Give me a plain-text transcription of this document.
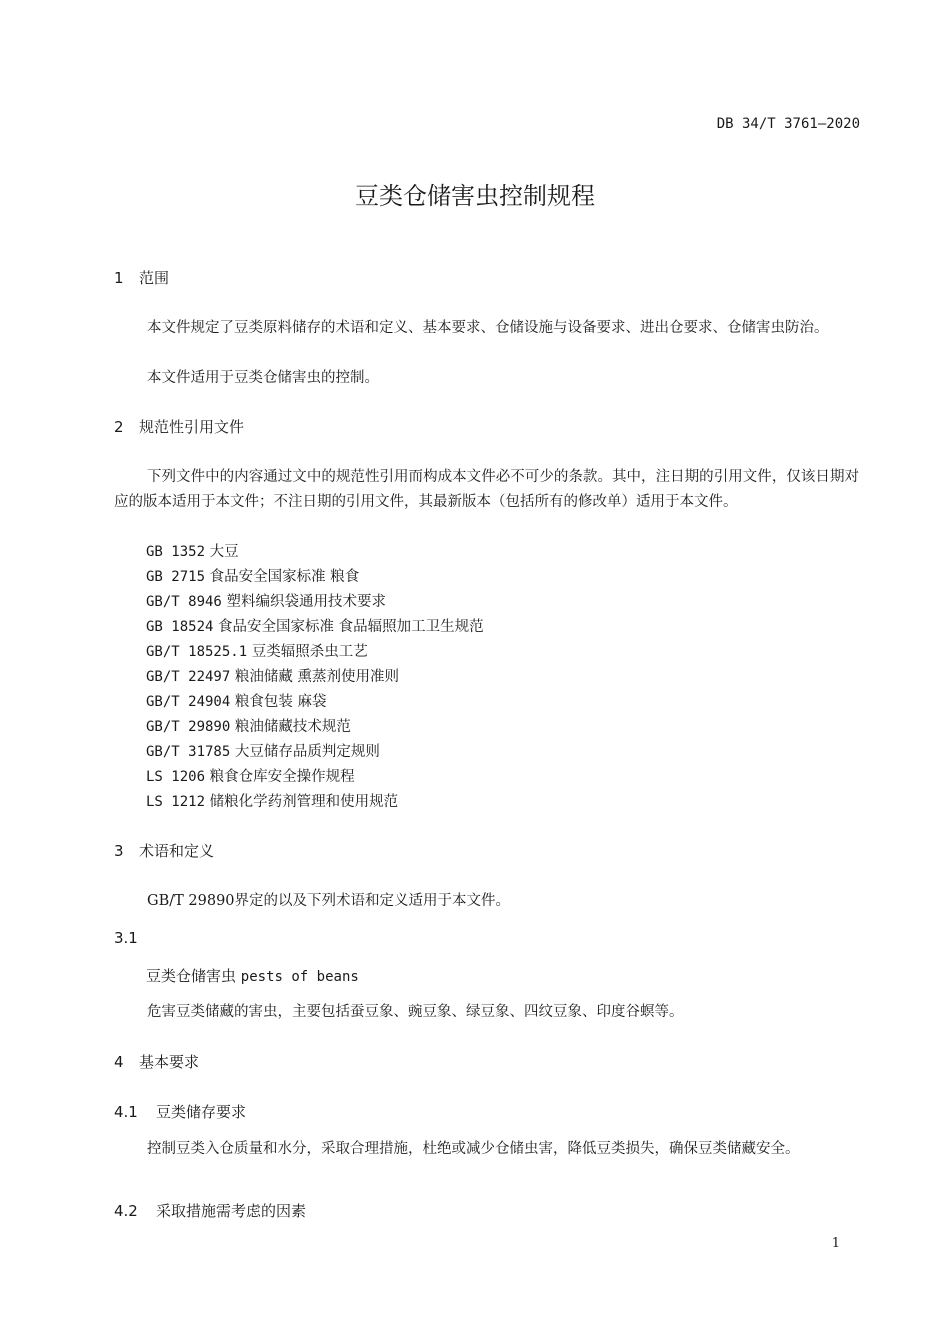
DB 34/T 3761—2020
豆类仓储害虫控制规程
1 范围
本文件规定了豆类原料储存的术语和定义、基本要求、仓储设施与设备要求、进出仓要求、仓储害虫防治。
本文件适用于豆类仓储害虫的控制。
2 规范性引用文件
下列文件中的内容通过文中的规范性引用而构成本文件必不可少的条款。其中，注日期的引用文件，仅该日期对应的版本适用于本文件；不注日期的引用文件，其最新版本（包括所有的修改单）适用于本文件。
GB 1352 大豆
GB 2715 食品安全国家标准 粮食
GB/T 8946 塑料编织袋通用技术要求
GB 18524 食品安全国家标准 食品辐照加工卫生规范
GB/T 18525.1 豆类辐照杀虫工艺
GB/T 22497 粮油储藏 熏蒸剂使用准则
GB/T 24904 粮食包装 麻袋
GB/T 29890 粮油储藏技术规范
GB/T 31785 大豆储存品质判定规则
LS 1206 粮食仓库安全操作规程
LS 1212 储粮化学药剂管理和使用规范
3 术语和定义
GB/T 29890界定的以及下列术语和定义适用于本文件。
3.1
豆类仓储害虫 pests of beans
危害豆类储藏的害虫，主要包括蚕豆象、豌豆象、绿豆象、四纹豆象、印度谷螟等。
4 基本要求
4.1 豆类储存要求
控制豆类入仓质量和水分，采取合理措施，杜绝或减少仓储虫害，降低豆类损失，确保豆类储藏安全。
4.2 采取措施需考虑的因素
1
